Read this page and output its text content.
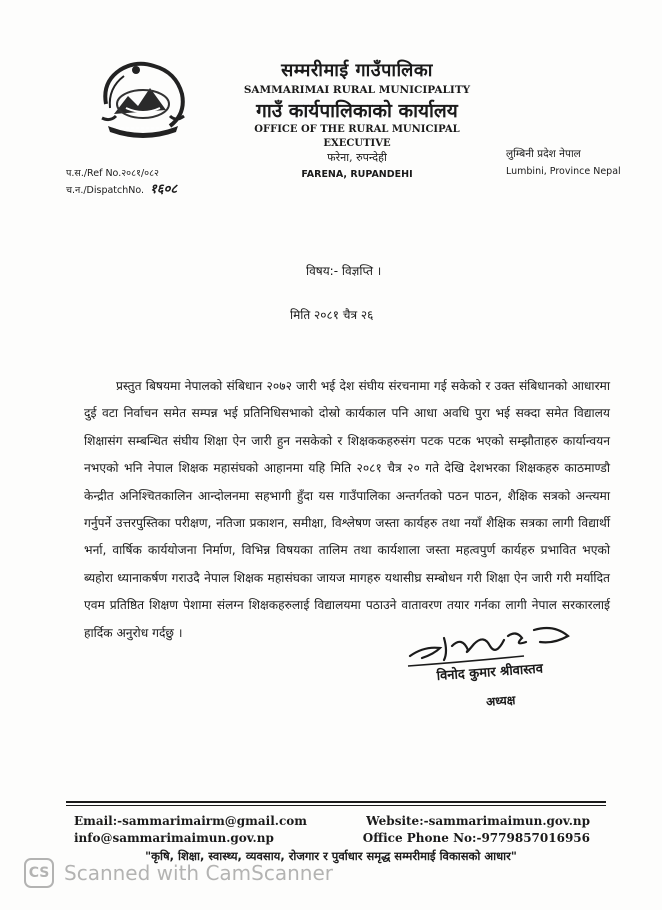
सम्मरीमाई गाउँपालिका
SAMMARIMAI RURAL MUNICIPALITY
गाउँ कार्यपालिकाको कार्यालय
OFFICE OF THE RURAL MUNICIPAL EXECUTIVE
फरेना, रुपन्देही
FARENA, RUPANDEHI
लुम्बिनी प्रदेश नेपाल
Lumbini, Province Nepal
प.स./Ref No.२०८१/०८२
च.न./DispatchNo. १६०८
विषय:- विज्ञप्ति ।
मिति २०८१ चैत्र २६
प्रस्तुत बिषयमा नेपालको संबिधान २०७२ जारी भई देश संघीय संरचनामा गई सकेको र उक्त संबिधानको आधारमा दुई वटा निर्वाचन समेत सम्पन्न भई प्रतिनिधिसभाको दोस्रो कार्यकाल पनि आधा अवधि पुरा भई सक्दा समेत विद्यालय शिक्षासंग सम्बन्धित संघीय शिक्षा ऐन जारी हुन नसकेको र शिक्षककहरुसंग पटक पटक भएको सम्झौताहरु कार्यान्वयन नभएको भनि नेपाल शिक्षक महासंघको आहानमा यहि मिति २०८१ चैत्र २० गते देखि देशभरका शिक्षकहरु काठमाण्डौ केन्द्रीत अनिश्चितकालिन आन्दोलनमा सहभागी हुँदा यस गाउँपालिका अन्तर्गतको पठन पाठन, शैक्षिक सत्रको अन्त्यमा गर्नुपर्ने उत्तरपुस्तिका परीक्षण, नतिजा प्रकाशन, समीक्षा, विश्लेषण जस्ता कार्यहरु तथा नयाँ शैक्षिक सत्रका लागी विद्यार्थी भर्ना, वार्षिक कार्ययोजना निर्माण, विभिन्न विषयका तालिम तथा कार्यशाला जस्ता महत्वपुर्ण कार्यहरु प्रभावित भएको ब्यहोरा ध्यानाकर्षण गराउदै नेपाल शिक्षक महासंघका जायज मागहरु यथासीघ्र सम्बोधन गरी शिक्षा ऐन जारी गरी मर्यादित एवम प्रतिष्ठित शिक्षण पेशामा संलग्न शिक्षकहरुलाई विद्यालयमा पठाउने वातावरण तयार गर्नका लागी नेपाल सरकारलाई हार्दिक अनुरोध गर्दछु ।
विनोद कुमार श्रीवास्तव
अध्यक्ष
Email:-sammarimairm@gmail.com
info@sammarimaimun.gov.np
Website:-sammarimaimun.gov.np
Office Phone No:-9779857016956
"कृषि, शिक्षा, स्वास्थ्य, व्यवसाय, रोजगार र पुर्वाधार समृद्ध सम्मरीमाई विकासको आधार"
CS Scanned with CamScanner
